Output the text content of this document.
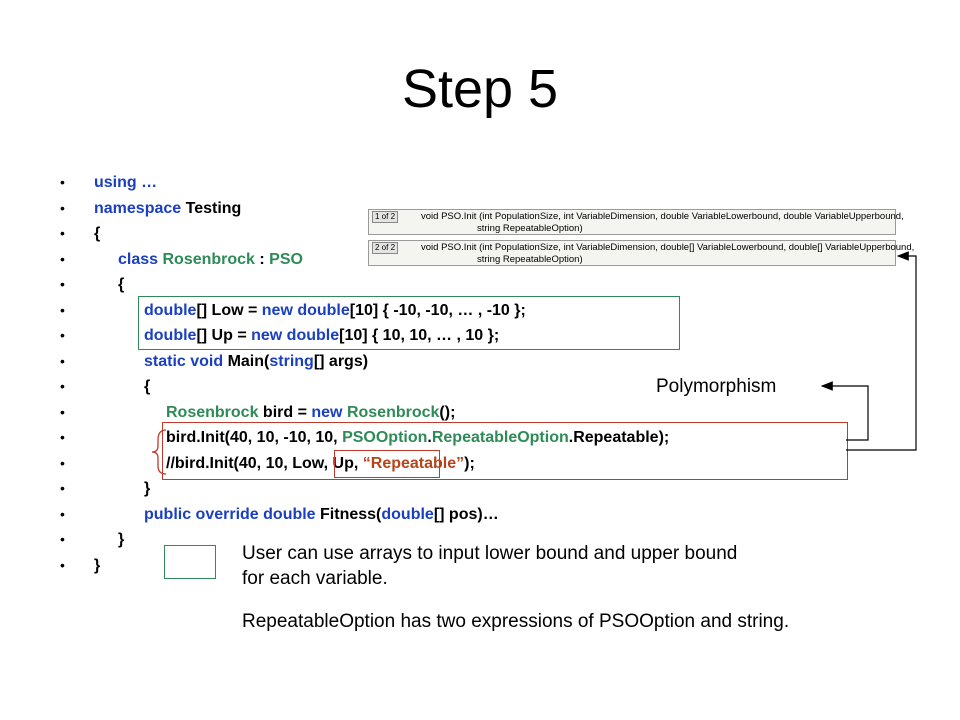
Step 5
• using …
• namespace Testing
• {
•	class Rosenbrock : PSO
•	{
•	double[] Low = new double[10] { -10, -10, … , -10 };
•	double[] Up = new double[10] { 10, 10, … , 10 };
•	static void Main(string[] args)
•	{
•	Rosenbrock bird = new Rosenbrock();
•	bird.Init(40, 10, -10, 10, PSOOption.RepeatableOption.Repeatable);
•	//bird.Init(40, 10, Low, Up, “Repeatable”);
•	}
•	public override double Fitness(double[] pos)…
•	}
• }
1 of 2	void PSO.Init (int PopulationSize, int VariableDimension, double VariableLowerbound, double VariableUpperbound,
string RepeatableOption)
2 of 2	void PSO.Init (int PopulationSize, int VariableDimension, double[] VariableLowerbound, double[] VariableUpperbound,
string RepeatableOption)
Polymorphism
User can use arrays to input lower bound and upper bound
for each variable.
RepeatableOption has two expressions of PSOOption and string.
